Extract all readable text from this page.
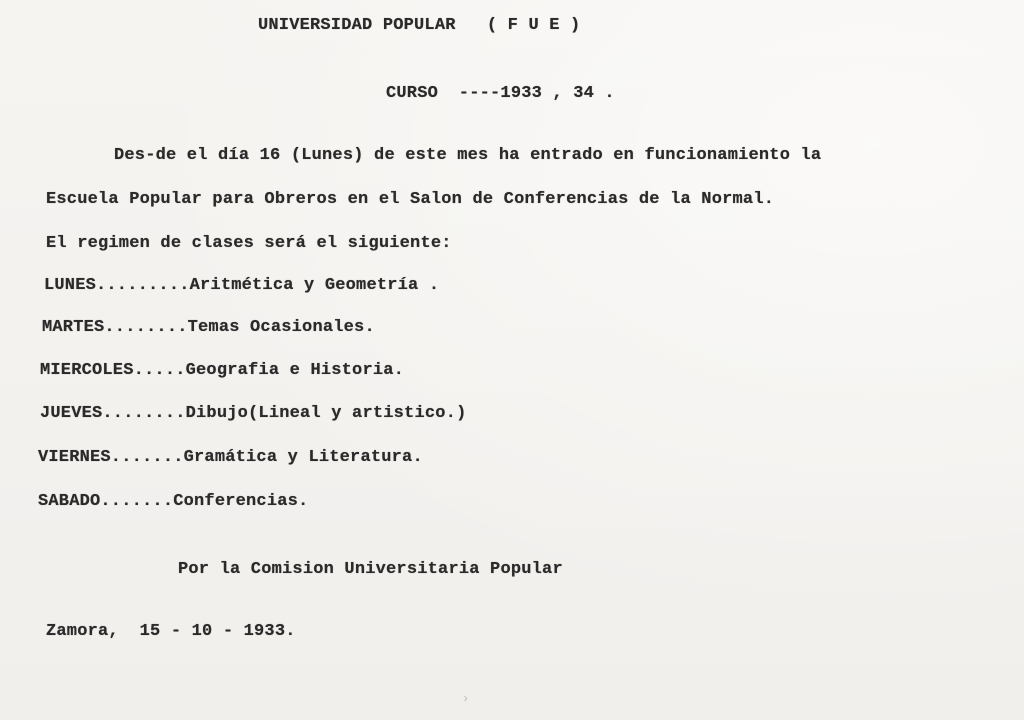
UNIVERSIDAD POPULAR   ( F U E )
CURSO  ----1933 , 34 .
Des-de el día 16 (Lunes) de este mes ha entrado en funcionamiento la
Escuela Popular para Obreros en el Salon de Conferencias de la Normal.
El regimen de clases será el siguiente:
LUNES.........Aritmética y Geometría .
MARTES........Temas Ocasionales.
MIERCOLES.....Geografia e Historia.
JUEVES........Dibujo(Lineal y artistico.)
VIERNES.......Gramática y Literatura.
SABADO.......Conferencias.
Por la Comision Universitaria Popular
Zamora,  15 - 10 - 1933.
›
